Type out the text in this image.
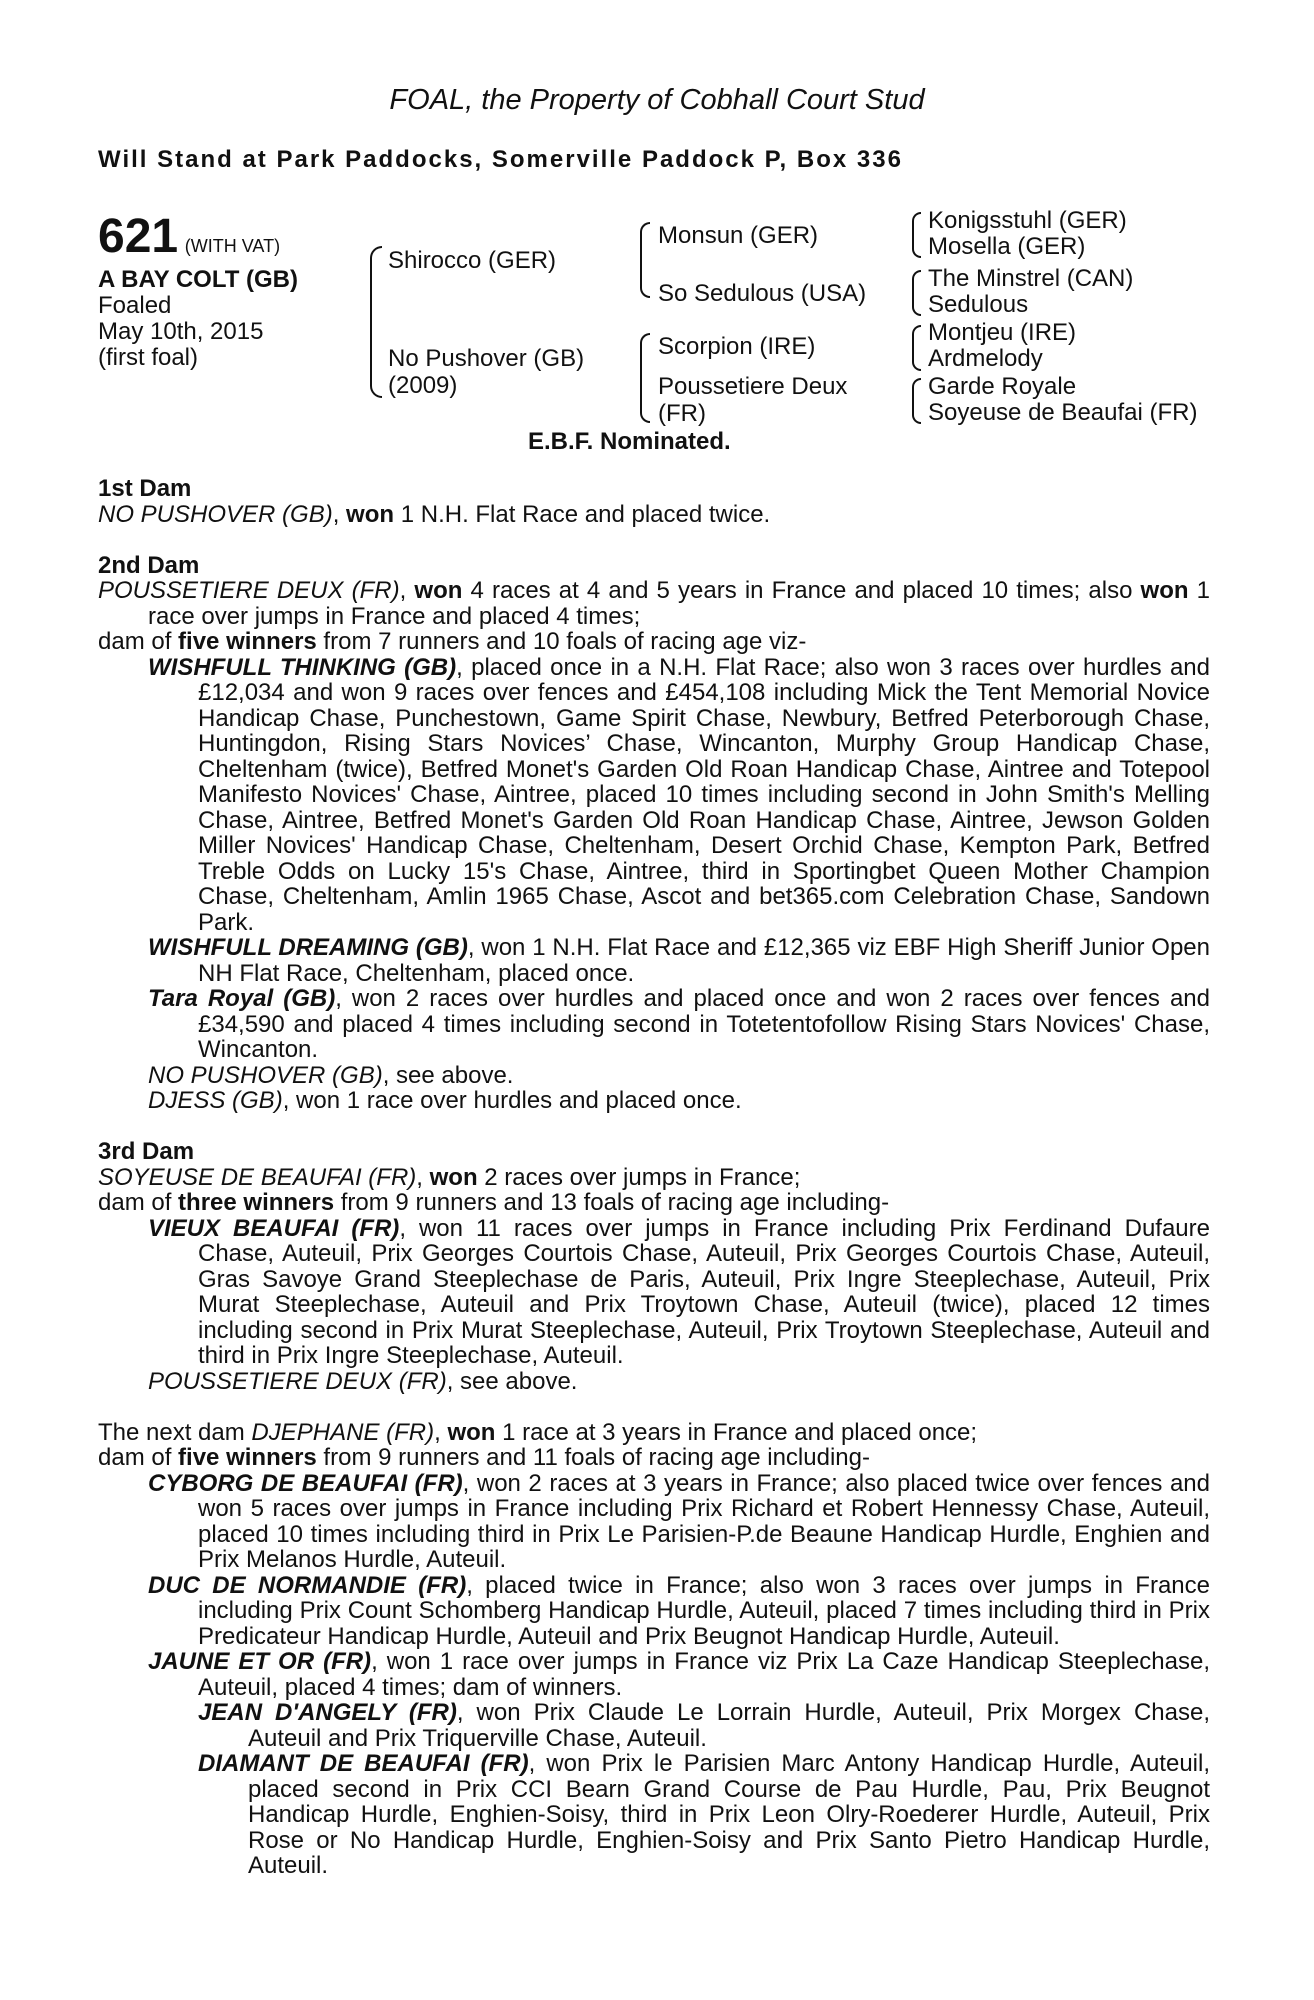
FOAL, the Property of Cobhall Court Stud
Will Stand at Park Paddocks, Somerville Paddock P, Box 336
621 (WITH VAT)
A BAY COLT (GB)
Foaled
May 10th, 2015
(first foal)
Shirocco (GER)
No Pushover (GB)
(2009)
Monsun (GER)
So Sedulous (USA)
Scorpion (IRE)
Poussetiere Deux
(FR)
Konigsstuhl (GER)
Mosella (GER)
The Minstrel (CAN)
Sedulous
Montjeu (IRE)
Ardmelody
Garde Royale
Soyeuse de Beaufai (FR)
E.B.F. Nominated.

1st Dam

NO PUSHOVER (GB), won 1 N.H. Flat Race and placed twice.

2nd Dam

POUSSETIERE DEUX (FR), won 4 races at 4 and 5 years in France and placed 10 times; also won 1 race over jumps in France and placed 4 times;

dam of five winners from 7 runners and 10 foals of racing age viz-

WISHFULL THINKING (GB), placed once in a N.H. Flat Race; also won 3 races over hurdles and £12,034 and won 9 races over fences and £454,108 including Mick the Tent Memorial Novice Handicap Chase, Punchestown, Game Spirit Chase, Newbury, Betfred Peterborough Chase, Huntingdon, Rising Stars Novices’ Chase, Wincanton, Murphy Group Handicap Chase, Cheltenham (twice), Betfred Monet's Garden Old Roan Handicap Chase, Aintree and Totepool Manifesto Novices' Chase, Aintree, placed 10 times including second in John Smith's Melling Chase, Aintree, Betfred Monet's Garden Old Roan Handicap Chase, Aintree, Jewson Golden Miller Novices' Handicap Chase, Cheltenham, Desert Orchid Chase, Kempton Park, Betfred Treble Odds on Lucky 15's Chase, Aintree, third in Sportingbet Queen Mother Champion Chase, Cheltenham, Amlin 1965 Chase, Ascot and bet365.com Celebration Chase, Sandown Park.

WISHFULL DREAMING (GB), won 1 N.H. Flat Race and £12,365 viz EBF High Sheriff Junior Open NH Flat Race, Cheltenham, placed once.

Tara Royal (GB), won 2 races over hurdles and placed once and won 2 races over fences and £34,590 and placed 4 times including second in Totetentofollow Rising Stars Novices' Chase, Wincanton.

NO PUSHOVER (GB), see above.

DJESS (GB), won 1 race over hurdles and placed once.

3rd Dam

SOYEUSE DE BEAUFAI (FR), won 2 races over jumps in France;

dam of three winners from 9 runners and 13 foals of racing age including-

VIEUX BEAUFAI (FR), won 11 races over jumps in France including Prix Ferdinand Dufaure Chase, Auteuil, Prix Georges Courtois Chase, Auteuil, Prix Georges Courtois Chase, Auteuil, Gras Savoye Grand Steeplechase de Paris, Auteuil, Prix Ingre Steeplechase, Auteuil, Prix Murat Steeplechase, Auteuil and Prix Troytown Chase, Auteuil (twice), placed 12 times including second in Prix Murat Steeplechase, Auteuil, Prix Troytown Steeplechase, Auteuil and third in Prix Ingre Steeplechase, Auteuil.

POUSSETIERE DEUX (FR), see above.

The next dam DJEPHANE (FR), won 1 race at 3 years in France and placed once;

dam of five winners from 9 runners and 11 foals of racing age including-

CYBORG DE BEAUFAI (FR), won 2 races at 3 years in France; also placed twice over fences and won 5 races over jumps in France including Prix Richard et Robert Hennessy Chase, Auteuil, placed 10 times including third in Prix Le Parisien-P.de Beaune Handicap Hurdle, Enghien and Prix Melanos Hurdle, Auteuil.

DUC DE NORMANDIE (FR), placed twice in France; also won 3 races over jumps in France including Prix Count Schomberg Handicap Hurdle, Auteuil, placed 7 times including third in Prix Predicateur Handicap Hurdle, Auteuil and Prix Beugnot Handicap Hurdle, Auteuil.

JAUNE ET OR (FR), won 1 race over jumps in France viz Prix La Caze Handicap Steeplechase, Auteuil, placed 4 times; dam of winners.

JEAN D'ANGELY (FR), won Prix Claude Le Lorrain Hurdle, Auteuil, Prix Morgex Chase, Auteuil and Prix Triquerville Chase, Auteuil.

DIAMANT DE BEAUFAI (FR), won Prix le Parisien Marc Antony Handicap Hurdle, Auteuil, placed second in Prix CCI Bearn Grand Course de Pau Hurdle, Pau, Prix Beugnot Handicap Hurdle, Enghien-Soisy, third in Prix Leon Olry-Roederer Hurdle, Auteuil, Prix Rose or No Handicap Hurdle, Enghien-Soisy and Prix Santo Pietro Handicap Hurdle, Auteuil.
